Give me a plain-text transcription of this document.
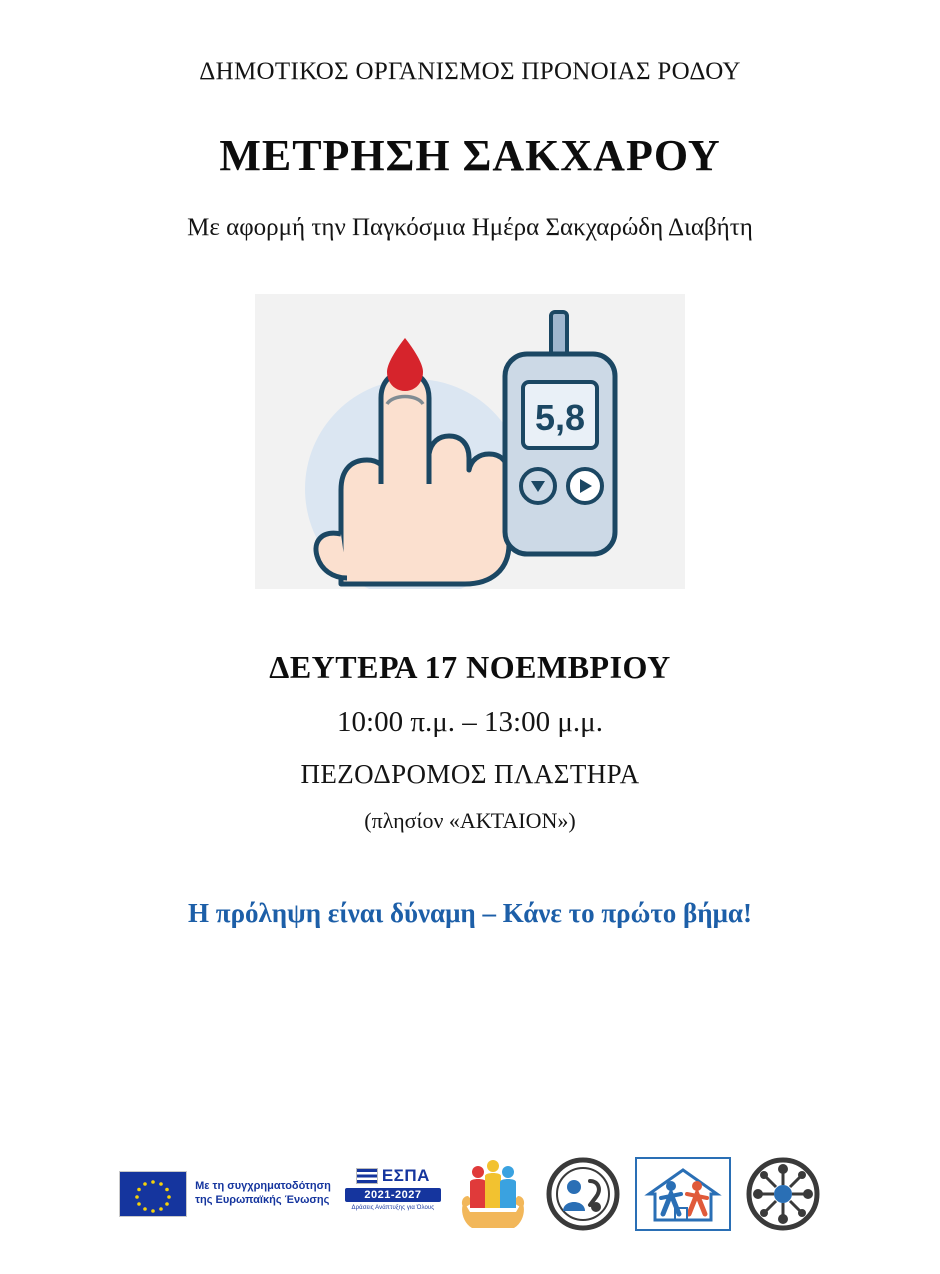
ΔΗΜΟΤΙΚΟΣ ΟΡΓΑΝΙΣΜΟΣ ΠΡΟΝΟΙΑΣ ΡΟΔΟΥ
ΜΕΤΡΗΣΗ ΣΑΚΧΑΡΟΥ
Με αφορμή την Παγκόσμια Ημέρα Σακχαρώδη Διαβήτη
5,8
ΔΕΥΤΕΡΑ 17 ΝΟΕΜΒΡΙΟΥ
10:00 π.μ. – 13:00 μ.μ.
ΠΕΖΟΔΡΟΜΟΣ ΠΛΑΣΤΗΡΑ
(πλησίον «ΑΚΤΑΙΟΝ»)
Η πρόληψη είναι δύναμη – Κάνε το πρώτο βήμα!
Με τη συγχρηματοδότηση
της Ευρωπαϊκής Ένωσης
ΕΣΠΑ
2021-2027
Δράσεις Ανάπτυξης για Όλους
